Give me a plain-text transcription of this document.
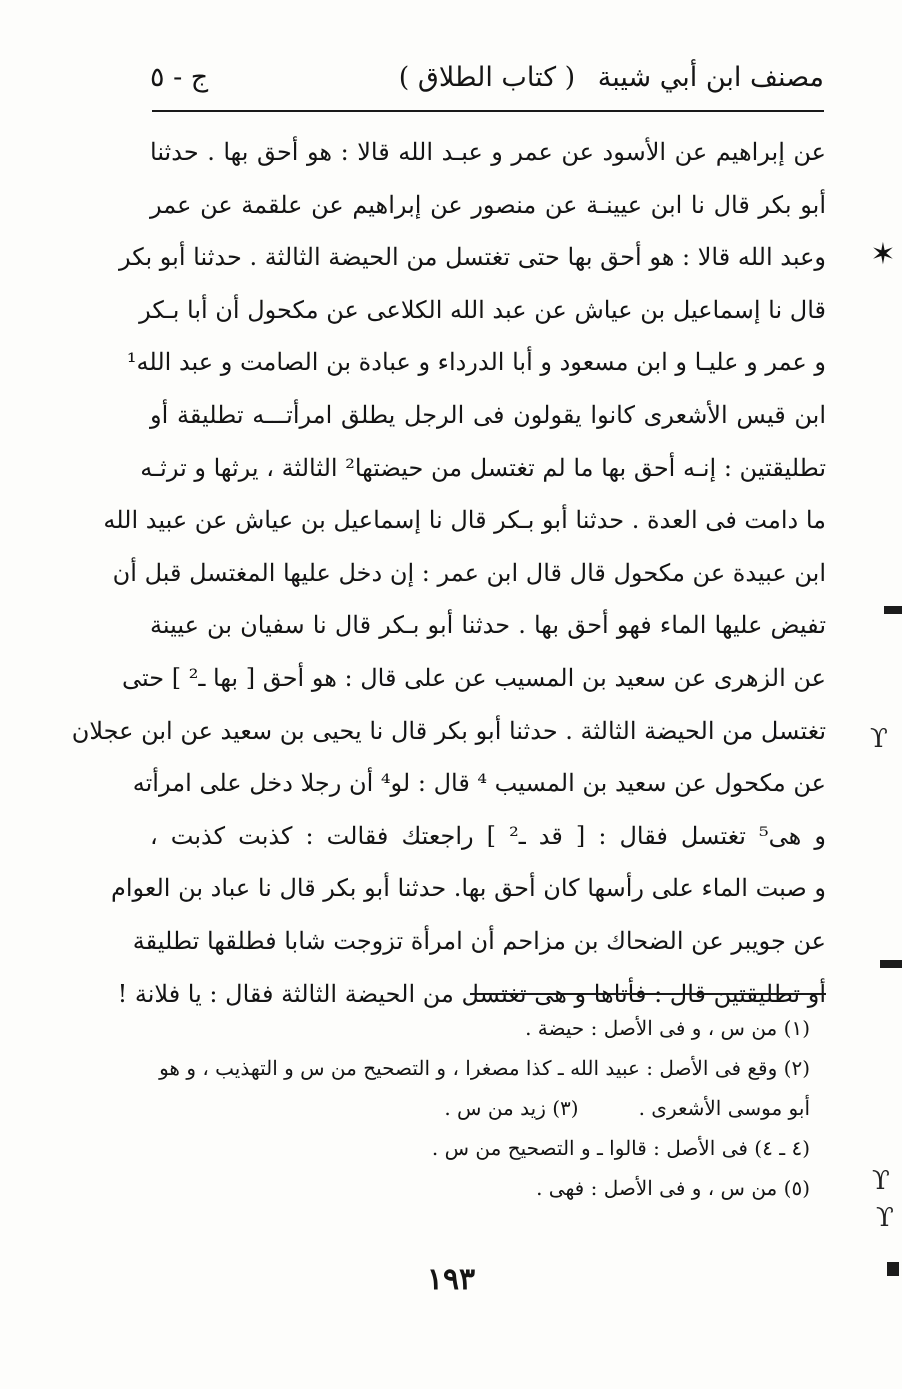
مصنف ابن أبي شيبة
( كتاب الطلاق )
ج - ٥
عن إبراهيم عن الأسود عن عمر و عبـد الله قالا : هو أحق بها . حدثنا
أبو بكر قال نا ابن عيينـة عن منصور عن إبراهيم عن علقمة عن عمر
وعبد الله قالا : هو أحق بها حتى تغتسل من الحيضة الثالثة . حدثنا أبو بكر
قال نا إسماعيل بن عياش عن عبد الله الكلاعى عن مكحول أن أبا بـكر
و عمر و عليـا و ابن مسعود و أبا الدرداء و عبادة بن الصامت و عبد الله¹
ابن قيس الأشعرى كانوا يقولون فى الرجل يطلق امرأتـــه تطليقة أو
تطليقتين : إنـه أحق بها ما لم تغتسل من حيضتها² الثالثة ، يرثها و ترثـه
ما دامت فى العدة . حدثنا أبو بـكر قال نا إسماعيل بن عياش عن عبيد الله
ابن عبيدة عن مكحول قال قال ابن عمر : إن دخل عليها المغتسل قبل أن
تفيض عليها الماء فهو أحق بها . حدثنا أبو بـكر قال نا سفيان بن عيينة
عن الزهرى عن سعيد بن المسيب عن على قال : هو أحق [ بها ـ² ] حتى
تغتسل من الحيضة الثالثة . حدثنا أبو بكر قال نا يحيى بن سعيد عن ابن عجلان
عن مكحول عن سعيد بن المسيب ⁴ قال : لو⁴ أن رجلا دخل على امرأته
و هى⁵ تغتسل فقال : [ قد ـ² ] راجعتك فقالت : كذبت كذبت ،
و صبت الماء على رأسها كان أحق بها. حدثنا أبو بكر قال نا عباد بن العوام
عن جويبر عن الضحاك بن مزاحم أن امرأة تزوجت شابا فطلقها تطليقة
أو تطليقتين قال : فأتاها و هى تغتسل من الحيضة الثالثة فقال : يا فلانة !
(١) من س ، و فى الأصل : حيضة .
(٢) وقع فى الأصل : عبيد الله ـ كذا مصغرا ، و التصحيح من س و التهذيب ، و هو
أبو موسى الأشعرى .
(٣) زيد من س .
(٤ ـ ٤) فى الأصل : قالوا ـ و التصحيح من س .
(٥) من س ، و فى الأصل : فهى .
١٩٣
✶
ϒ
ϒ
ϒ
